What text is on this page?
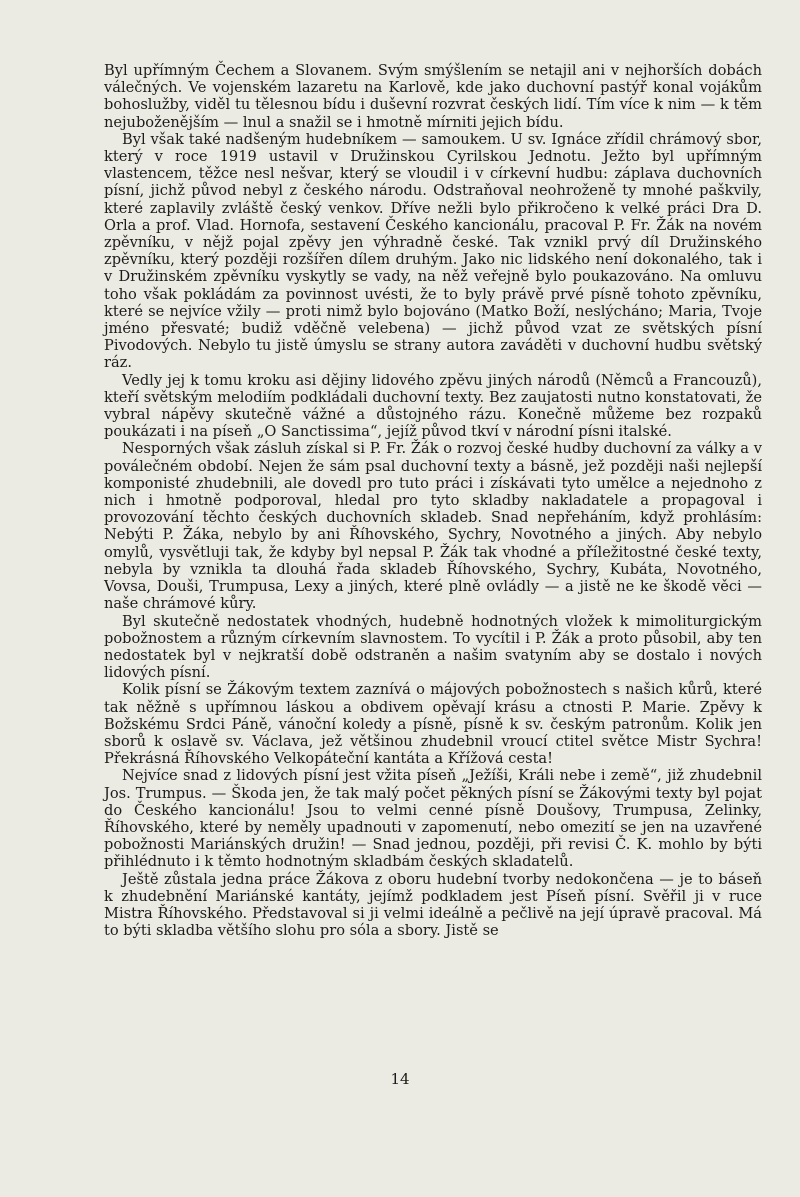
Byl upřímným Čechem a Slovanem. Svým smýšlením se netajil ani v nejhorších dobách válečných. Ve vojenském lazaretu na Karlově, kde jako duchovní pastýř konal vojákům bohoslužby, viděl tu tělesnou bídu i duševní rozvrat českých lidí. Tím více k nim — k těm nejuboženějším — lnul a snažil se i hmotně mírniti jejich bídu.

Byl však také nadšeným hudebníkem — samoukem. U sv. Ignáce zřídil chrámový sbor, který v roce 1919 ustavil v Družinskou Cyrilskou Jednotu. Ježto byl upřímným vlastencem, těžce nesl nešvar, který se vloudil i v církevní hudbu: záplava duchovních písní, jichž původ nebyl z českého národu. Odstraňoval neohroženě ty mnohé paškvily, které zaplavily zvláště český venkov. Dříve nežli bylo přikročeno k velké práci Dra D. Orla a prof. Vlad. Hornofa, sestavení Českého kancionálu, pracoval P. Fr. Žák na novém zpěvníku, v nějž pojal zpěvy jen výhradně české. Tak vznikl prvý díl Družinského zpěvníku, který později rozšířen dílem druhým. Jako nic lidského není dokonalého, tak i v Družinském zpěvníku vyskytly se vady, na něž veřejně bylo poukazováno. Na omluvu toho však pokládám za povinnost uvésti, že to byly právě prvé písně tohoto zpěvníku, které se nejvíce vžily — proti nimž bylo bojováno (Matko Boží, neslýcháno; Maria, Tvoje jméno přesvaté; budiž vděčně velebena) — jichž původ vzat ze světských písní Pivodových. Nebylo tu jistě úmyslu se strany autora zaváděti v duchovní hudbu světský ráz.

Vedly jej k tomu kroku asi dějiny lidového zpěvu jiných národů (Němců a Francouzů), kteří světským melodiím podkládali duchovní texty. Bez zaujatosti nutno konstatovati, že vybral nápěvy skutečně vážné a důstojného rázu. Konečně můžeme bez rozpaků poukázati i na píseň „O Sanctissima“, jejíž původ tkví v národní písni italské.

Nesporných však zásluh získal si P. Fr. Žák o rozvoj české hudby duchovní za války a v poválečném období. Nejen že sám psal duchovní texty a básně, jež později naši nejlepší komponisté zhudebnili, ale dovedl pro tuto práci i získávati tyto umělce a nejednoho z nich i hmotně podporoval, hledal pro tyto skladby nakladatele a propagoval i provozování těchto českých duchovních skladeb. Snad nepřeháním, když prohlásím: Nebýti P. Žáka, nebylo by ani Říhovského, Sychry, Novotného a jiných. Aby nebylo omylů, vysvětluji tak, že kdyby byl nepsal P. Žák tak vhodné a příležitostné české texty, nebyla by vznikla ta dlouhá řada skladeb Říhovského, Sychry, Kubáta, Novotného, Vovsa, Douši, Trumpusa, Lexy a jiných, které plně ovládly — a jistě ne ke škodě věci — naše chrámové kůry.

Byl skutečně nedostatek vhodných, hudebně hodnotných vložek k mimoliturgickým pobožnostem a různým církevním slavnostem. To vycítil i P. Žák a proto působil, aby ten nedostatek byl v nejkratší době odstraněn a našim svatyním aby se dostalo i nových lidových písní.

Kolik písní se Žákovým textem zaznívá o májových pobožnostech s našich kůrů, které tak něžně s upřímnou láskou a obdivem opěvají krásu a ctnosti P. Marie. Zpěvy k Božskému Srdci Páně, vánoční koledy a písně, písně k sv. českým patronům. Kolik jen sborů k oslavě sv. Václava, jež většinou zhudebnil vroucí ctitel světce Mistr Sychra! Překrásná Říhovského Velkopáteční kantáta a Křížová cesta!

Nejvíce snad z lidových písní jest vžita píseň „Ježíši, Králi nebe i země“, již zhudebnil Jos. Trumpus. — Škoda jen, že tak malý počet pěkných písní se Žákovými texty byl pojat do Českého kancionálu! Jsou to velmi cenné písně Doušovy, Trumpusa, Zelinky, Říhovského, které by neměly upadnouti v zapomenutí, nebo omezití se jen na uzavřené pobožnosti Mariánských družin! — Snad jednou, později, při revisi Č. K. mohlo by býti přihlédnuto i k těmto hodnotným skladbám českých skladatelů.

Ještě zůstala jedna práce Žákova z oboru hudební tvorby nedokončena — je to báseň k zhudebnění Mariánské kantáty, jejímž podkladem jest Píseň písní. Svěřil ji v ruce Mistra Říhovského. Představoval si ji velmi ideálně a pečlivě na její úpravě pracoval. Má to býti skladba většího slohu pro sóla a sbory. Jistě se

14
